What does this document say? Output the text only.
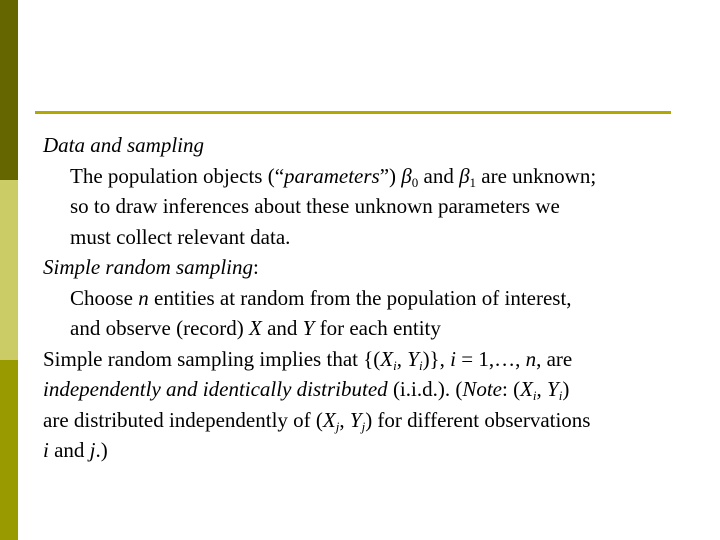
Data and sampling
The population objects (“parameters”) $\beta_0$ and $\beta_1$ are unknown;
so to draw inferences about these unknown parameters we
must collect relevant data.
Simple random sampling:
Choose n entities at random from the population of interest,
and observe (record) X and Y for each entity
Simple random sampling implies that {($X_i$, $Y_i$)}, i = 1,…, n, are
independently and identically distributed (i.i.d.). (Note: ($X_i$, $Y_i$)
are distributed independently of ($X_j$, $Y_j$) for different observations
i and j.)
